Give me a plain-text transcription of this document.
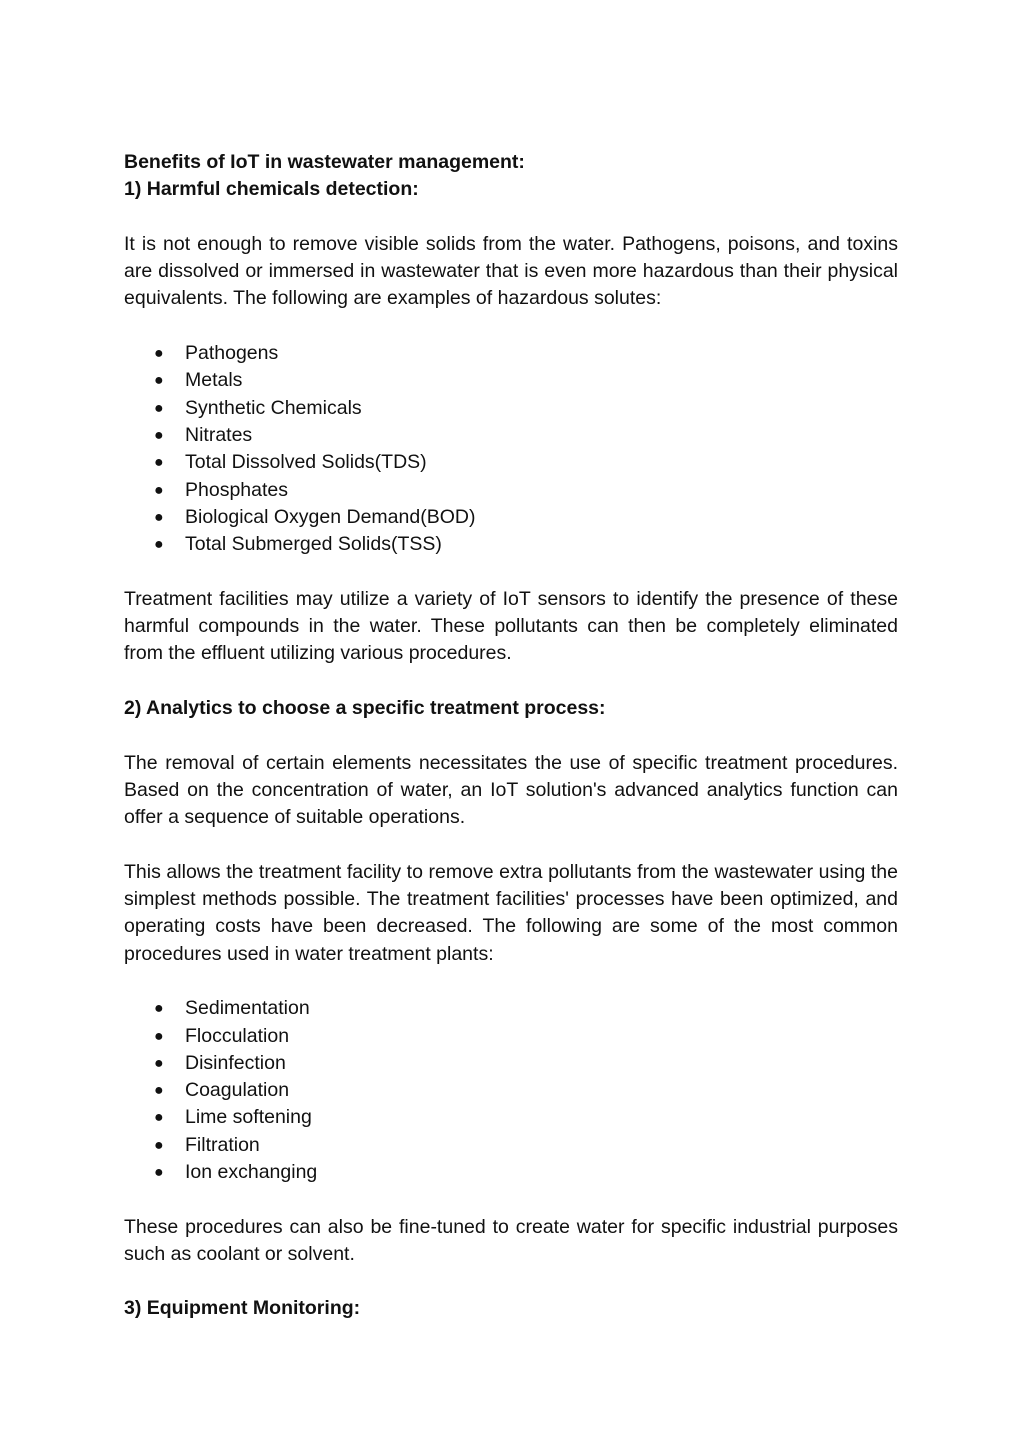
Benefits of IoT in wastewater management:
1) Harmful chemicals detection:

It is not enough to remove visible solids from the water. Pathogens, poisons, and toxins are dissolved or immersed in wastewater that is even more hazardous than their physical equivalents. The following are examples of hazardous solutes:

● Pathogens
● Metals
● Synthetic Chemicals
● Nitrates
● Total Dissolved Solids(TDS)
● Phosphates
● Biological Oxygen Demand(BOD)
● Total Submerged Solids(TSS)

Treatment facilities may utilize a variety of IoT sensors to identify the presence of these harmful compounds in the water. These pollutants can then be completely eliminated from the effluent utilizing various procedures.

2) Analytics to choose a specific treatment process:

The removal of certain elements necessitates the use of specific treatment procedures. Based on the concentration of water, an IoT solution's advanced analytics function can offer a sequence of suitable operations.

This allows the treatment facility to remove extra pollutants from the wastewater using the simplest methods possible. The treatment facilities' processes have been optimized, and operating costs have been decreased. The following are some of the most common procedures used in water treatment plants:

● Sedimentation
● Flocculation
● Disinfection
● Coagulation
● Lime softening
● Filtration
● Ion exchanging

These procedures can also be fine-tuned to create water for specific industrial purposes such as coolant or solvent.

3) Equipment Monitoring:
